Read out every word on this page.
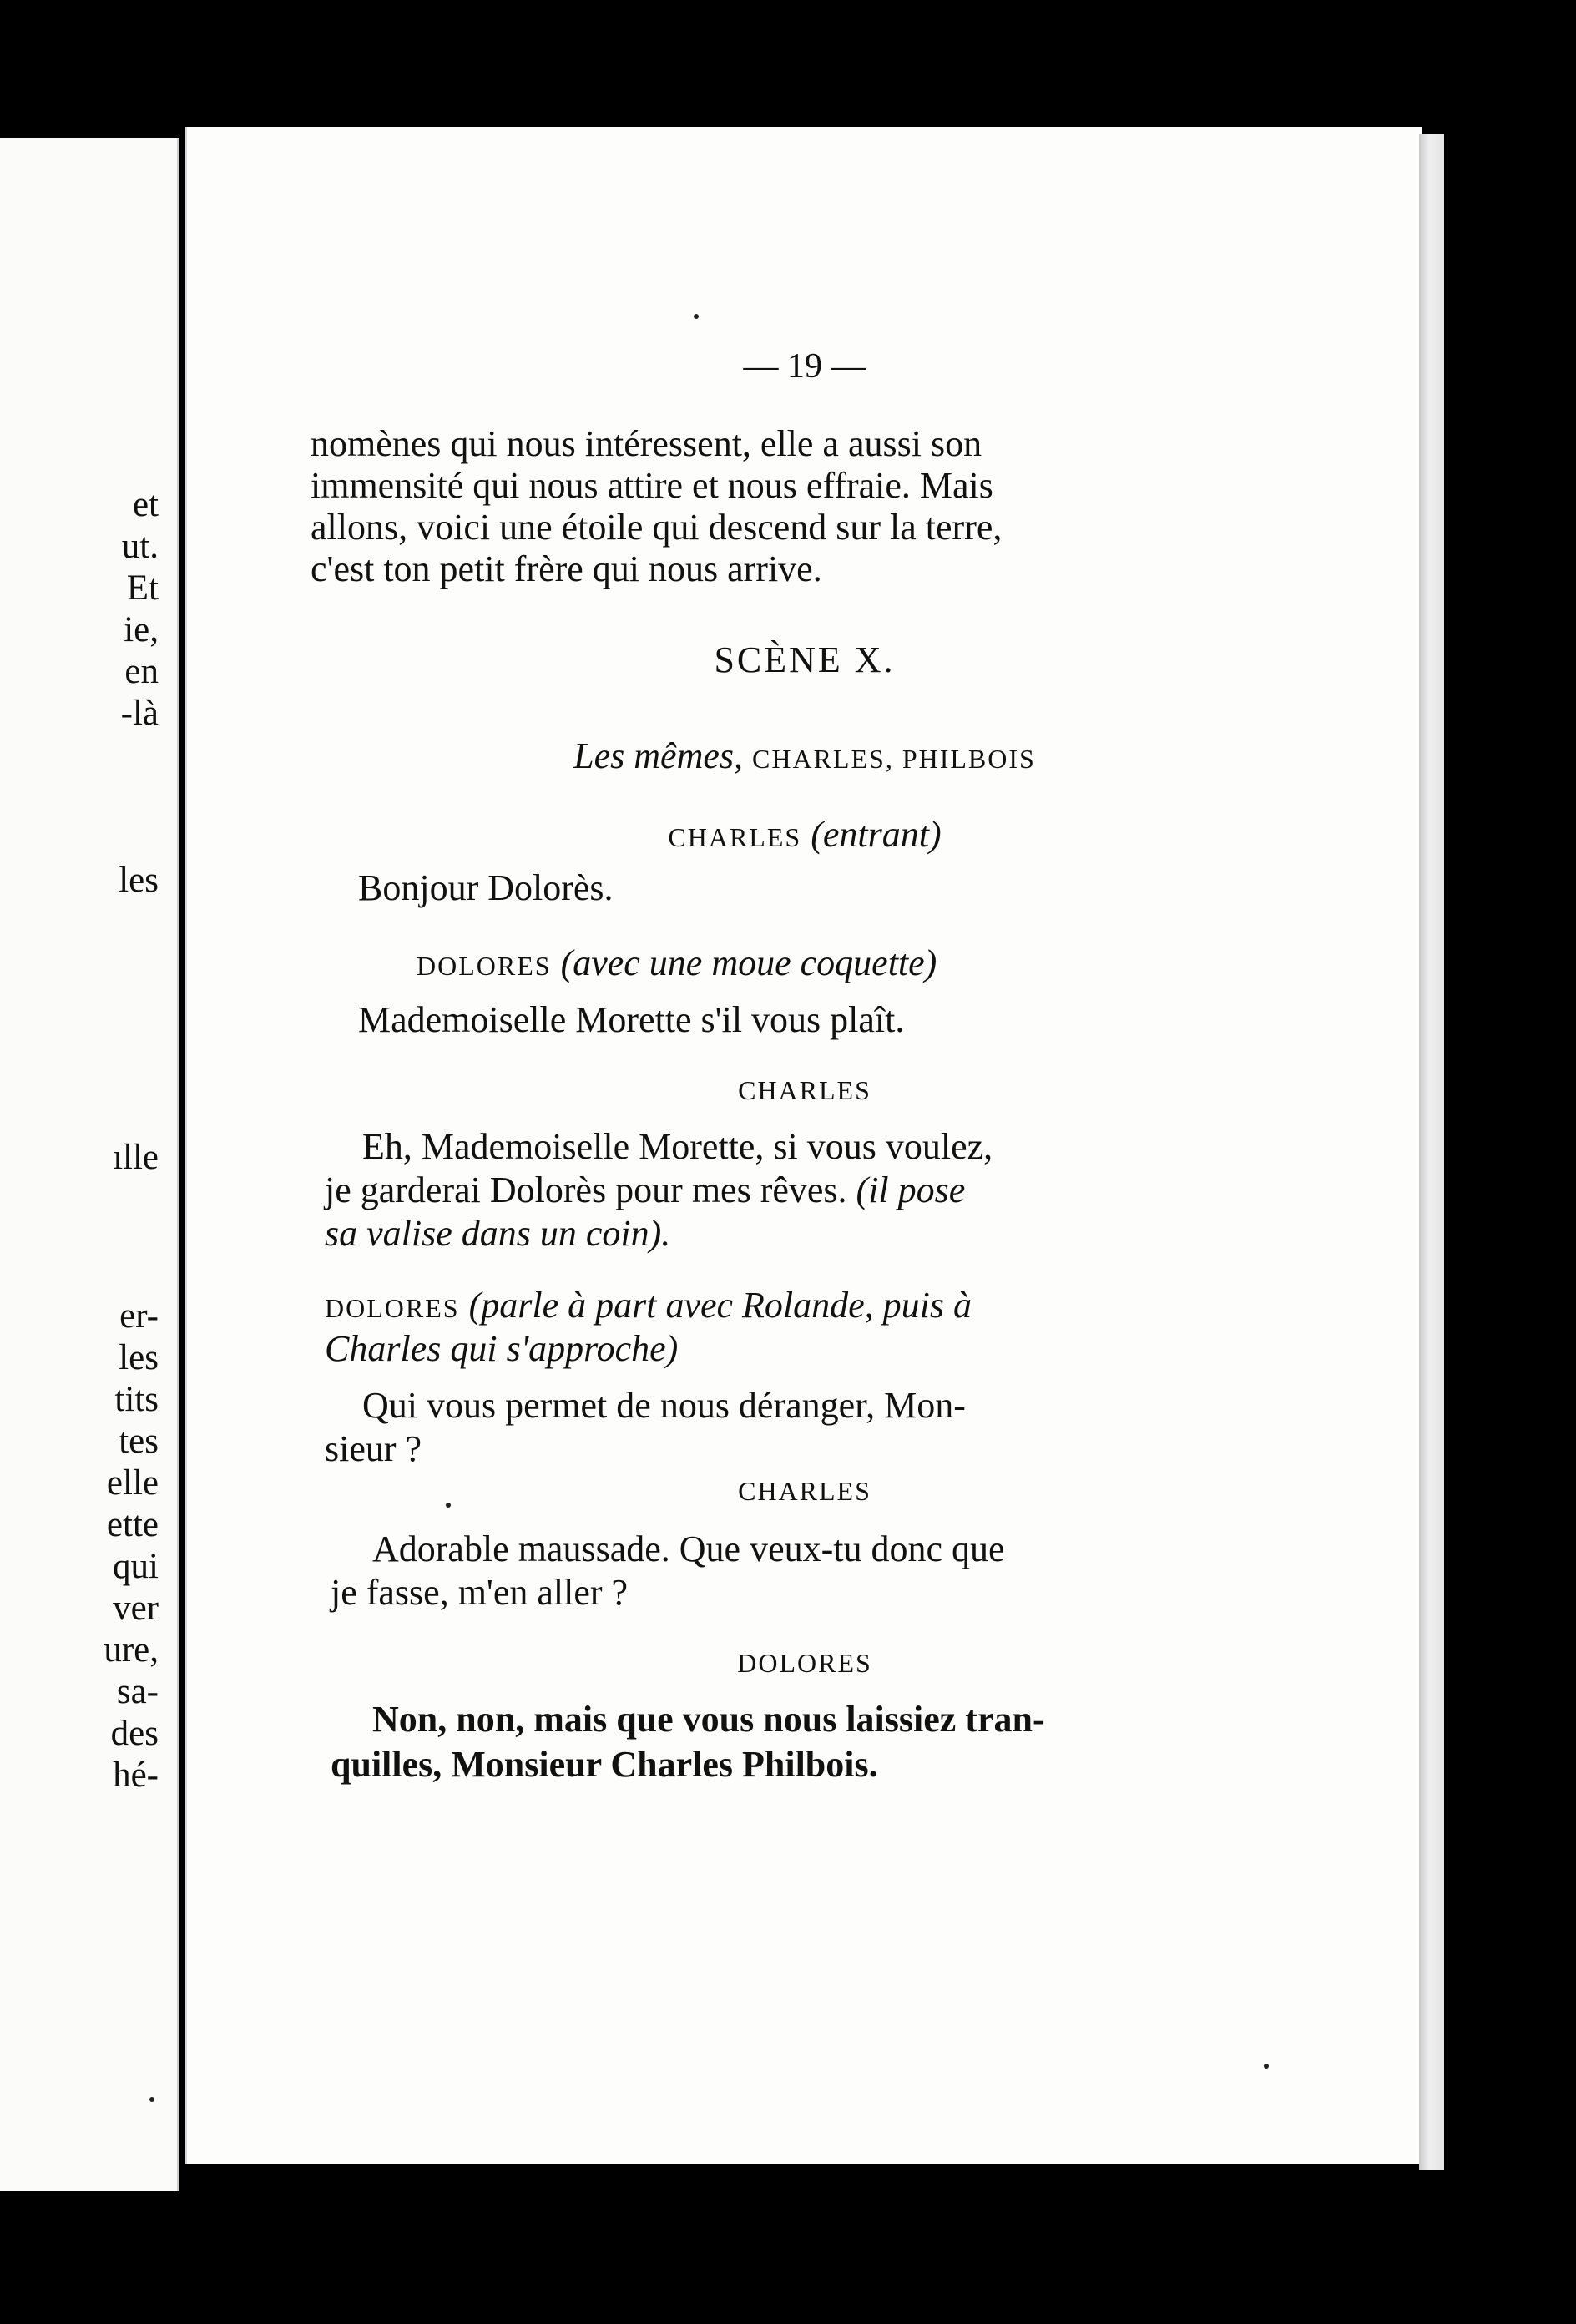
et
ut.
Et
ie,
en
-là
les
ılle
er-
les
tits
tes
elle
ette
qui
ver
ure,
sa-
des
hé-
— 19 —
nomènes qui nous intéressent, elle a aussi son
immensité qui nous attire et nous effraie. Mais
allons, voici une étoile qui descend sur la terre,
c'est ton petit frère qui nous arrive.
SCÈNE X.
Les mêmes, CHARLES, PHILBOIS
CHARLES (entrant)
Bonjour Dolorès.
DOLORES (avec une moue coquette)
Mademoiselle Morette s'il vous plaît.
CHARLES
Eh, Mademoiselle Morette, si vous voulez,
je garderai Dolorès pour mes rêves. (il pose
sa valise dans un coin).
DOLORES (parle à part avec Rolande, puis à
Charles qui s'approche)
Qui vous permet de nous déranger, Mon-
sieur ?
CHARLES
Adorable maussade. Que veux-tu donc que
je fasse, m'en aller ?
DOLORES
Non, non, mais que vous nous laissiez tran-
quilles, Monsieur Charles Philbois.
